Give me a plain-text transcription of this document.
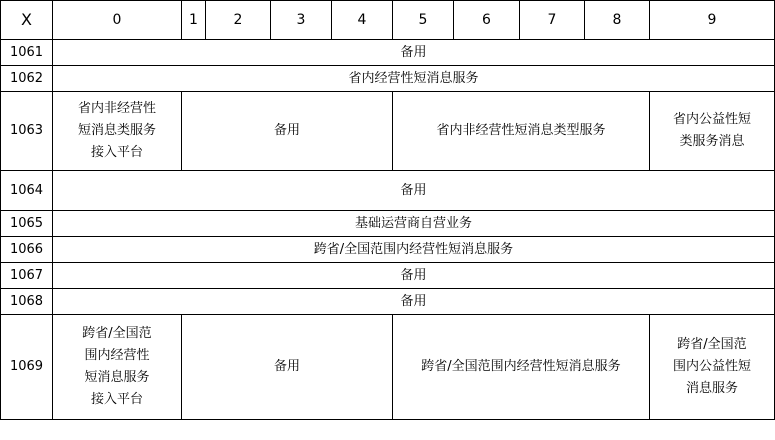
X	0	1	2	3	4	5	6	7	8	9
1061	备用									
1062	省内经营性短消息服务									
1063	省内非经营性
短消息类服务
接入平台	备用				省内非经营性短消息类型服务				省内公益性短
类服务消息
1064	备用									
1065	基础运营商自营业务									
1066	跨省/全国范围内经营性短消息服务									
1067	备用									
1068	备用									
1069	跨省/全国范
围内经营性
短消息服务
接入平台	备用				跨省/全国范围内经营性短消息服务				跨省/全国范
围内公益性短
消息服务
